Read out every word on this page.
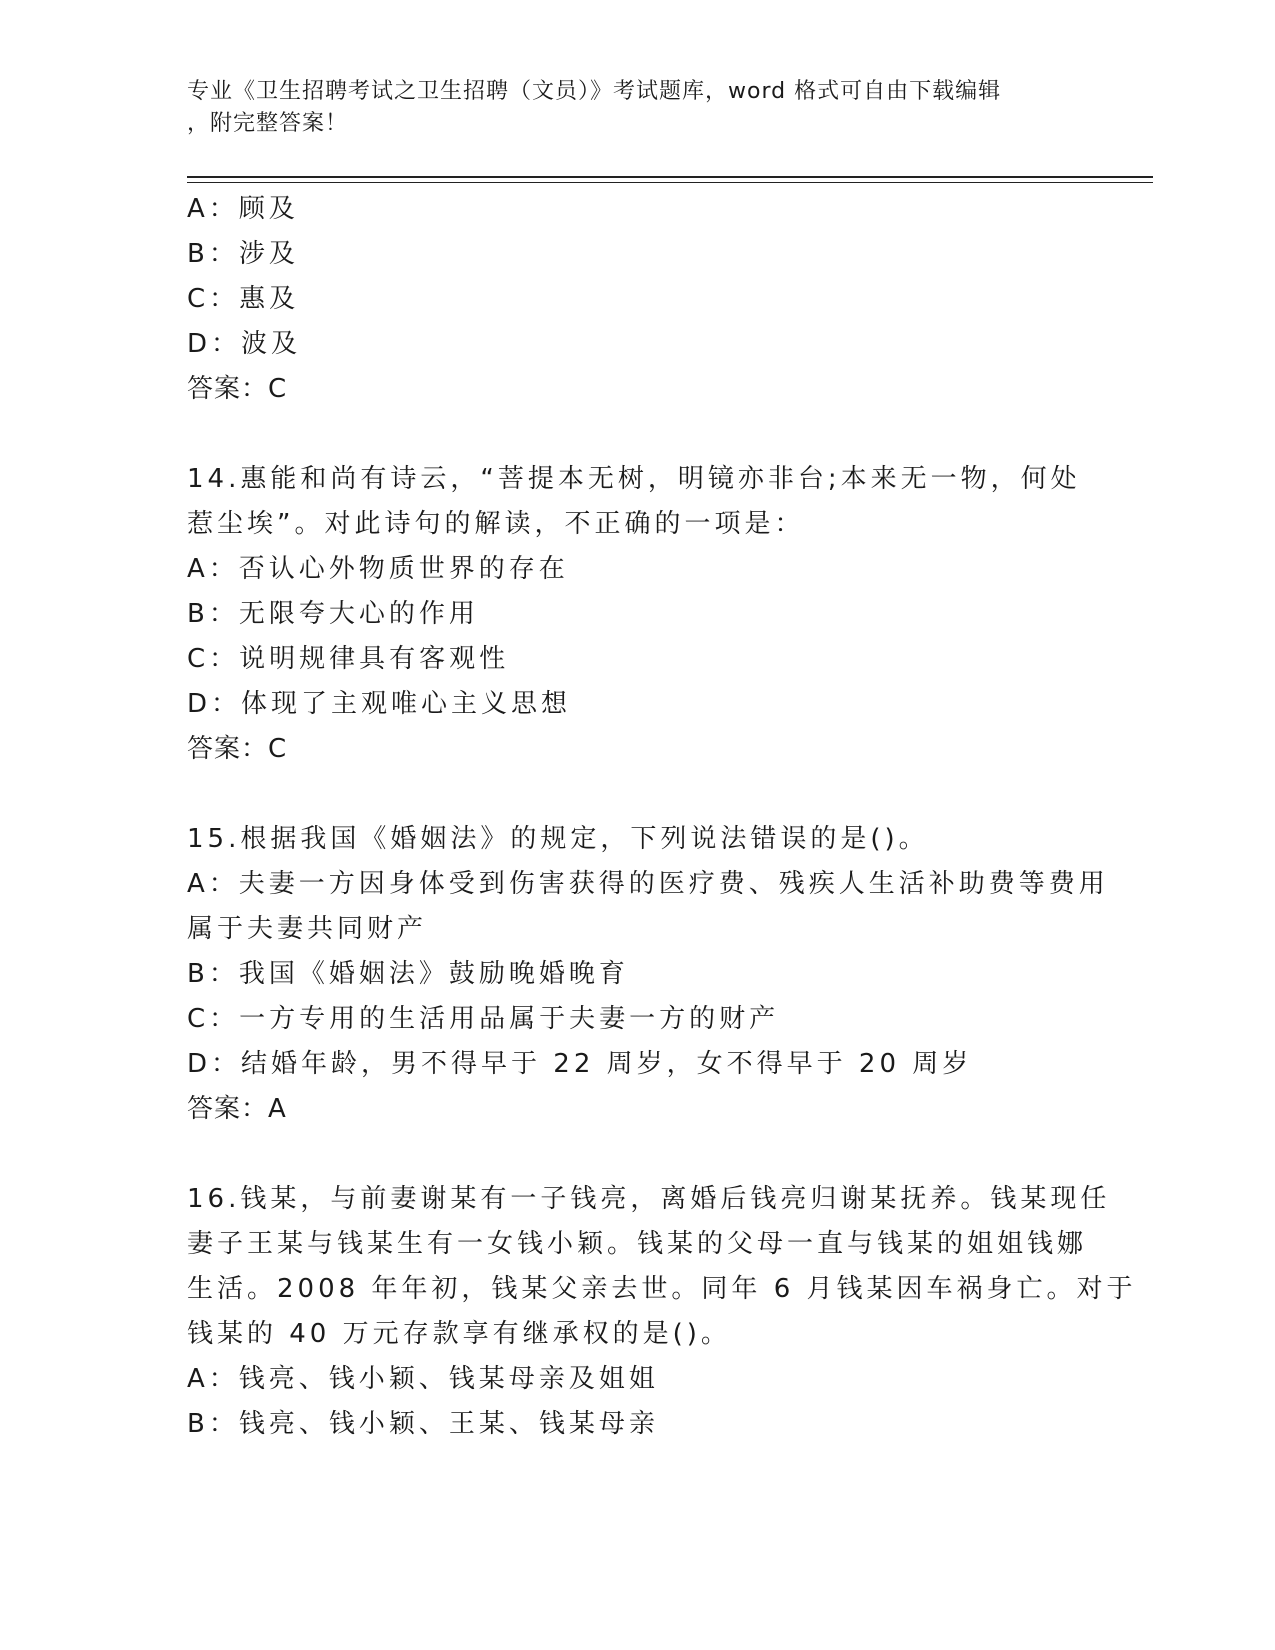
专业《卫生招聘考试之卫生招聘（文员）》考试题库，word 格式可自由下载编辑
，附完整答案！
A：顾及
B：涉及
C：惠及
D：波及
答案：C
14.惠能和尚有诗云，“菩提本无树，明镜亦非台;本来无一物，何处
惹尘埃”。对此诗句的解读，不正确的一项是：
A：否认心外物质世界的存在
B：无限夸大心的作用
C：说明规律具有客观性
D：体现了主观唯心主义思想
答案：C
15.根据我国《婚姻法》的规定，下列说法错误的是()。
A：夫妻一方因身体受到伤害获得的医疗费、残疾人生活补助费等费用
属于夫妻共同财产
B：我国《婚姻法》鼓励晚婚晚育
C：一方专用的生活用品属于夫妻一方的财产
D：结婚年龄，男不得早于 22 周岁，女不得早于 20 周岁
答案：A
16.钱某，与前妻谢某有一子钱亮，离婚后钱亮归谢某抚养。钱某现任
妻子王某与钱某生有一女钱小颖。钱某的父母一直与钱某的姐姐钱娜
生活。2008 年年初，钱某父亲去世。同年 6 月钱某因车祸身亡。对于
钱某的 40 万元存款享有继承权的是()。
A：钱亮、钱小颖、钱某母亲及姐姐
B：钱亮、钱小颖、王某、钱某母亲
